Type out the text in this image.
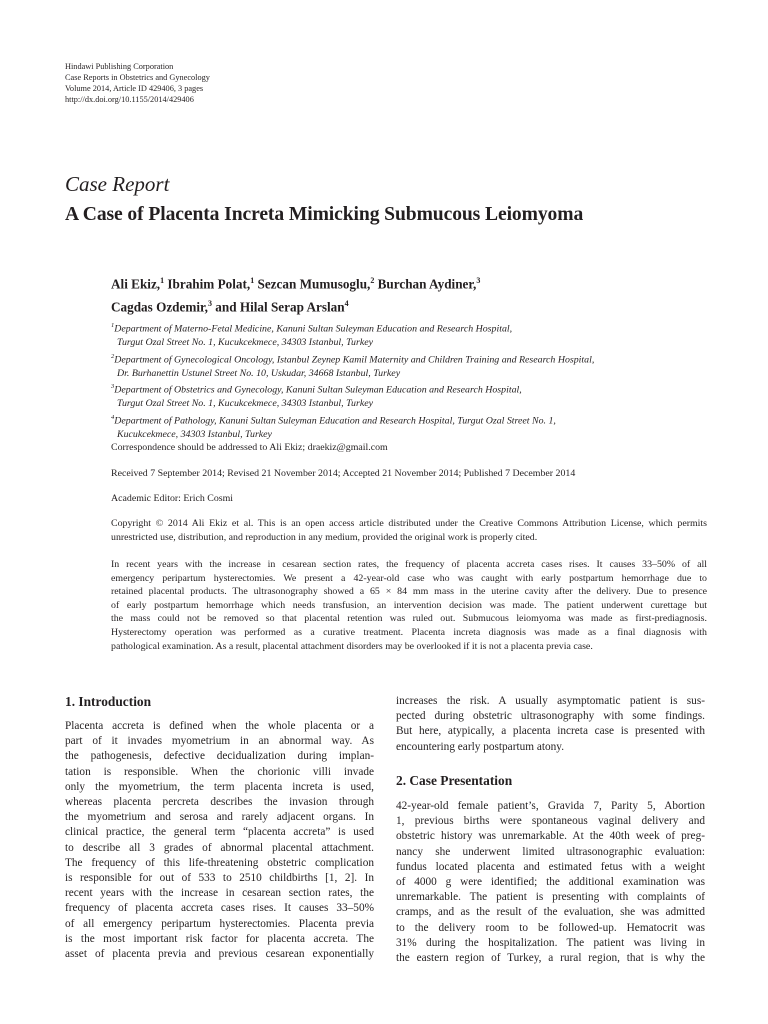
Hindawi Publishing Corporation
Case Reports in Obstetrics and Gynecology
Volume 2014, Article ID 429406, 3 pages
http://dx.doi.org/10.1155/2014/429406
Case Report
A Case of Placenta Increta Mimicking Submucous Leiomyoma
Ali Ekiz,$^1$ Ibrahim Polat,$^1$ Sezcan Mumusoglu,$^2$ Burchan Aydiner,$^3$
Cagdas Ozdemir,$^3$ and Hilal Serap Arslan$^4$
$^1$Department of Materno-Fetal Medicine, Kanuni Sultan Suleyman Education and Research Hospital,
Turgut Ozal Street No. 1, Kucukcekmece, 34303 Istanbul, Turkey
$^2$Department of Gynecological Oncology, Istanbul Zeynep Kamil Maternity and Children Training and Research Hospital,
Dr. Burhanettin Ustunel Street No. 10, Uskudar, 34668 Istanbul, Turkey
$^3$Department of Obstetrics and Gynecology, Kanuni Sultan Suleyman Education and Research Hospital,
Turgut Ozal Street No. 1, Kucukcekmece, 34303 Istanbul, Turkey
$^4$Department of Pathology, Kanuni Sultan Suleyman Education and Research Hospital, Turgut Ozal Street No. 1,
Kucukcekmece, 34303 Istanbul, Turkey
Correspondence should be addressed to Ali Ekiz; draekiz@gmail.com
Received 7 September 2014; Revised 21 November 2014; Accepted 21 November 2014; Published 7 December 2014
Academic Editor: Erich Cosmi
Copyright © 2014 Ali Ekiz et al. This is an open access article distributed under the Creative Commons Attribution License, which permits unrestricted use, distribution, and reproduction in any medium, provided the original work is properly cited.
In recent years with the increase in cesarean section rates, the frequency of placenta accreta cases rises. It causes 33–50% of all
emergency peripartum hysterectomies. We present a 42-year-old case who was caught with early postpartum hemorrhage due to
retained placental products. The ultrasonography showed a 65 × 84 mm mass in the uterine cavity after the delivery. Due to presence
of early postpartum hemorrhage which needs transfusion, an intervention decision was made. The patient underwent curettage but
the mass could not be removed so that placental retention was ruled out. Submucous leiomyoma was made as first-prediagnosis.
Hysterectomy operation was performed as a curative treatment. Placenta increta diagnosis was made as a final diagnosis with
pathological examination. As a result, placental attachment disorders may be overlooked if it is not a placenta previa case.
1. Introduction
Placenta accreta is defined when the whole placenta or a
part of it invades myometrium in an abnormal way. As
the pathogenesis, defective decidualization during implan-
tation is responsible. When the chorionic villi invade
only the myometrium, the term placenta increta is used,
whereas placenta percreta describes the invasion through
the myometrium and serosa and rarely adjacent organs. In
clinical practice, the general term “placenta accreta” is used
to describe all 3 grades of abnormal placental attachment.
The frequency of this life-threatening obstetric complication
is responsible for out of 533 to 2510 childbirths [1, 2]. In
recent years with the increase in cesarean section rates, the
frequency of placenta accreta cases rises. It causes 33–50%
of all emergency peripartum hysterectomies. Placenta previa
is the most important risk factor for placenta accreta. The
asset of placenta previa and previous cesarean exponentially
increases the risk. A usually asymptomatic patient is sus-
pected during obstetric ultrasonography with some findings.
But here, atypically, a placenta increta case is presented with
encountering early postpartum atony.
2. Case Presentation
42-year-old female patient’s, Gravida 7, Parity 5, Abortion
1, previous births were spontaneous vaginal delivery and
obstetric history was unremarkable. At the 40th week of preg-
nancy she underwent limited ultrasonographic evaluation:
fundus located placenta and estimated fetus with a weight
of 4000 g were identified; the additional examination was
unremarkable. The patient is presenting with complaints of
cramps, and as the result of the evaluation, she was admitted
to the delivery room to be followed-up. Hematocrit was
31% during the hospitalization. The patient was living in
the eastern region of Turkey, a rural region, that is why the
